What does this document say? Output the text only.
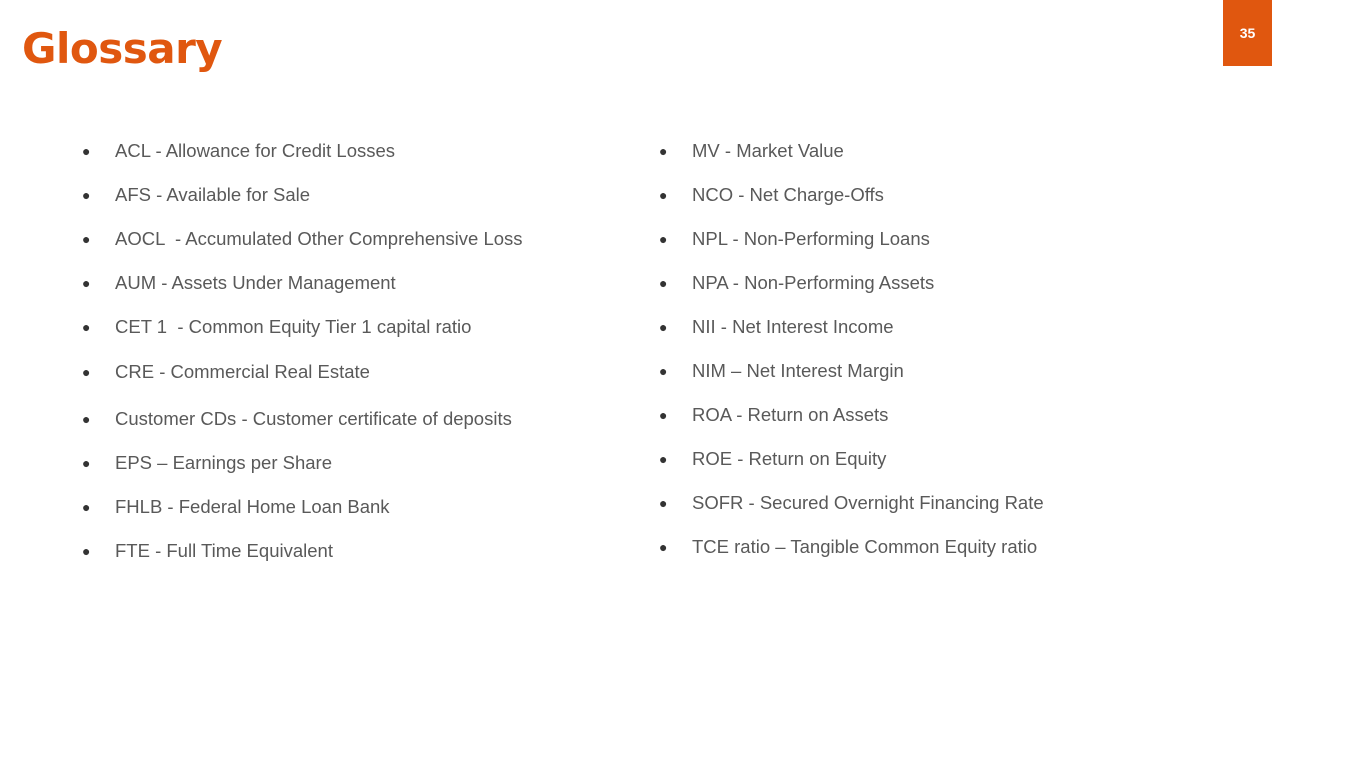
Glossary	35
●	ACL - Allowance for Credit Losses
●	AFS - Available for Sale
●	AOCL  - Accumulated Other Comprehensive Loss
●	AUM - Assets Under Management
●	CET 1  - Common Equity Tier 1 capital ratio
●	CRE - Commercial Real Estate
●	Customer CDs - Customer certificate of deposits
●	EPS – Earnings per Share
●	FHLB - Federal Home Loan Bank
●	FTE - Full Time Equivalent
●	MV - Market Value
●	NCO - Net Charge-Offs
●	NPL - Non-Performing Loans
●	NPA - Non-Performing Assets
●	NII - Net Interest Income
●	NIM – Net Interest Margin
●	ROA - Return on Assets
●	ROE - Return on Equity
●	SOFR - Secured Overnight Financing Rate
●	TCE ratio – Tangible Common Equity ratio
